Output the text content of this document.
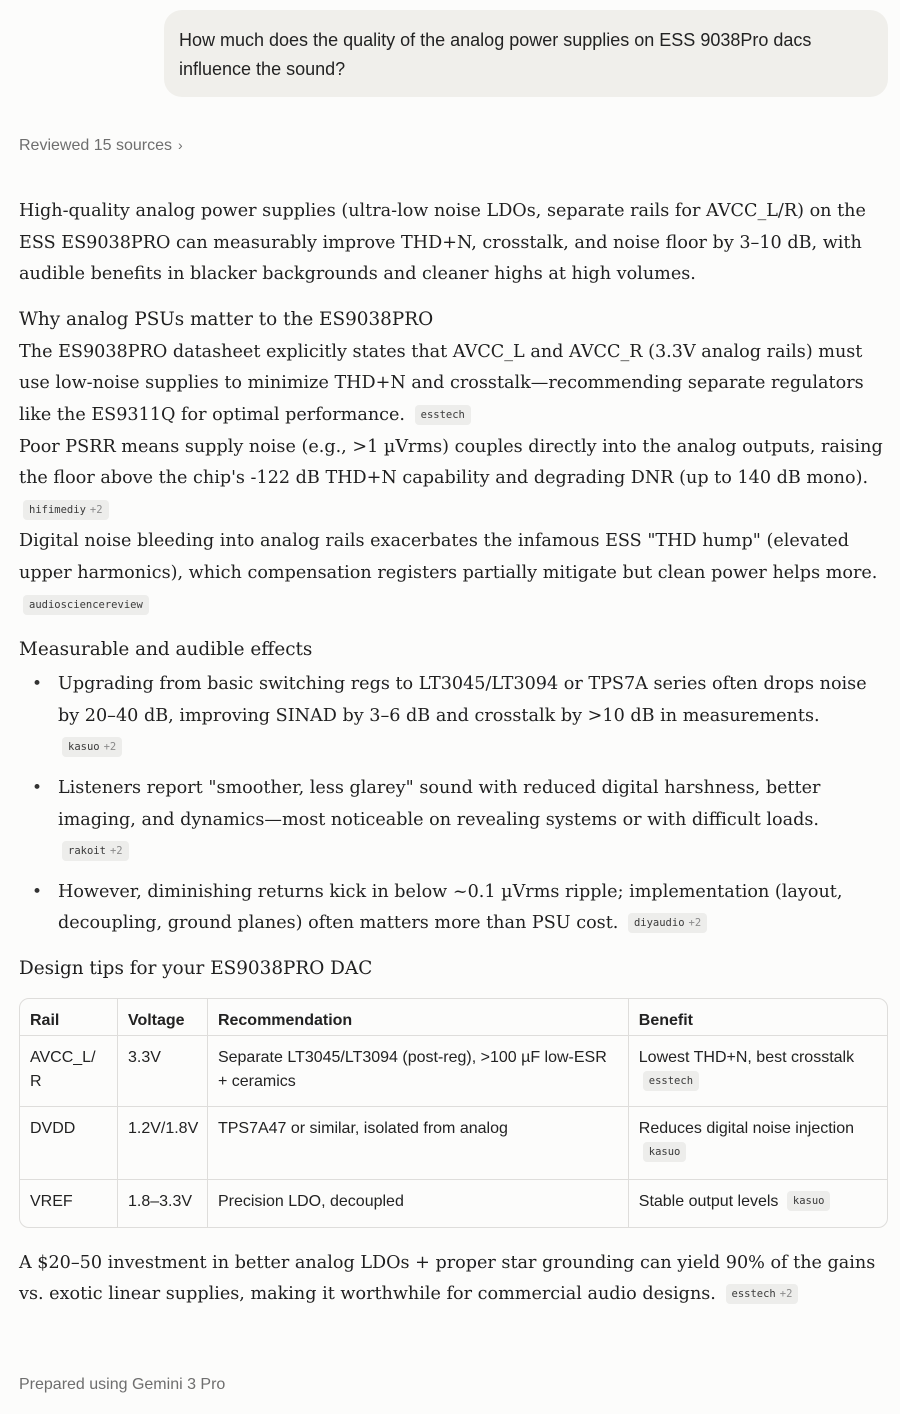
How much does the quality of the analog power supplies on ESS 9038Pro dacs influence the sound?
Reviewed 15 sources ›

High-quality analog power supplies (ultra-low noise LDOs, separate rails for AVCC_L/R) on the ESS ES9038PRO can measurably improve THD+N, crosstalk, and noise floor by 3–10 dB, with audible benefits in blacker backgrounds and cleaner highs at high volumes.

Why analog PSUs matter to the ES9038PRO

The ES9038PRO datasheet explicitly states that AVCC_L and AVCC_R (3.3V analog rails) must use low-noise supplies to minimize THD+N and crosstalk—recommending separate regulators like the ES9311Q for optimal performance. esstech

Poor PSRR means supply noise (e.g., >1 µVrms) couples directly into the analog outputs, raising the floor above the chip's -122 dB THD+N capability and degrading DNR (up to 140 dB mono). hifimediy +2

Digital noise bleeding into analog rails exacerbates the infamous ESS "THD hump" (elevated upper harmonics), which compensation registers partially mitigate but clean power helps more. audiosciencereview

Measurable and audible effects
• Upgrading from basic switching regs to LT3045/LT3094 or TPS7A series often drops noise by 20–40 dB, improving SINAD by 3–6 dB and crosstalk by >10 dB in measurements. kasuo +2
• Listeners report "smoother, less glarey" sound with reduced digital harshness, better imaging, and dynamics—most noticeable on revealing systems or with difficult loads. rakoit +2
• However, diminishing returns kick in below ~0.1 µVrms ripple; implementation (layout, decoupling, ground planes) often matters more than PSU cost. diyaudio +2
Design tips for your ES9038PRO DAC
Rail	Voltage	Recommendation	Benefit
AVCC_L/R	3.3V	Separate LT3045/LT3094 (post-reg), >100 µF low-ESR + ceramics	Lowest THD+N, best crosstalk esstech
DVDD	1.2V/1.8V	TPS7A47 or similar, isolated from analog	Reduces digital noise injection kasuo
VREF	1.8–3.3V	Precision LDO, decoupled	Stable output levels kasuo

A $20–50 investment in better analog LDOs + proper star grounding can yield 90% of the gains vs. exotic linear supplies, making it worthwhile for commercial audio designs. esstech +2

Prepared using Gemini 3 Pro
